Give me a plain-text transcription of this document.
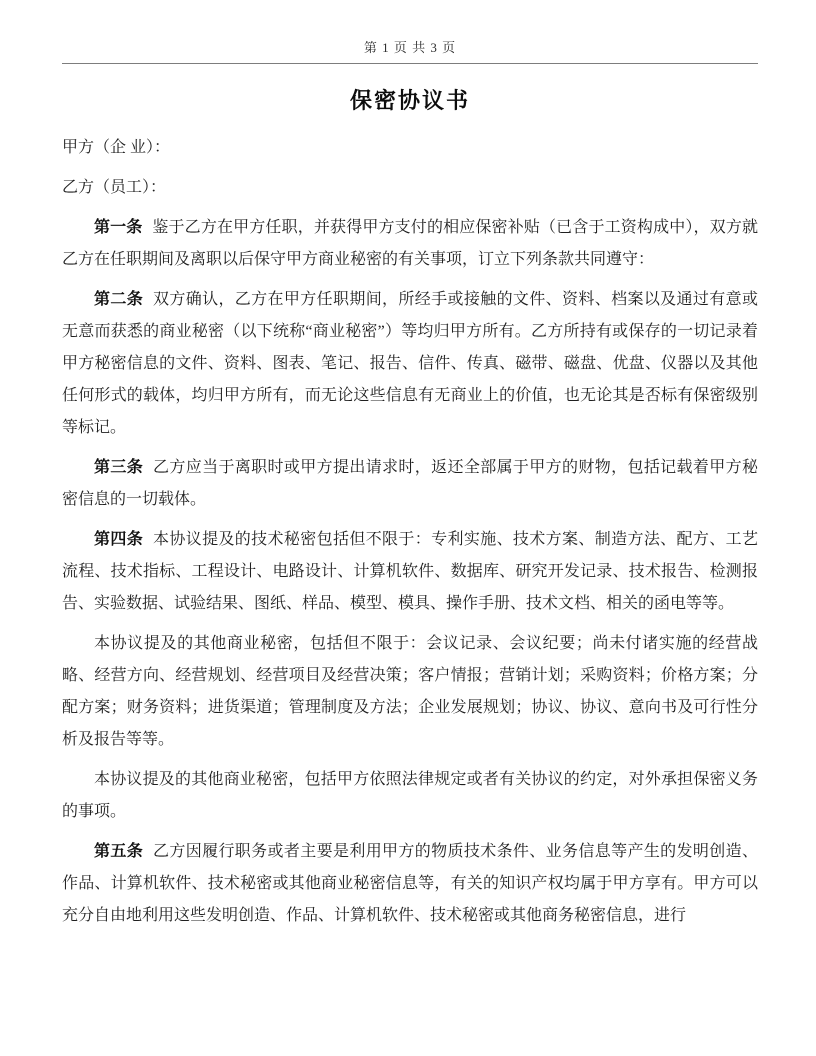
第 1 页 共 3 页
保密协议书

甲方（企 业）：

乙方（员工）：

第一条 鉴于乙方在甲方任职，并获得甲方支付的相应保密补贴（已含于工资构成中），双方就乙方在任职期间及离职以后保守甲方商业秘密的有关事项，订立下列条款共同遵守：

第二条 双方确认，乙方在甲方任职期间，所经手或接触的文件、资料、档案以及通过有意或无意而获悉的商业秘密（以下统称“商业秘密”）等均归甲方所有。乙方所持有或保存的一切记录着甲方秘密信息的文件、资料、图表、笔记、报告、信件、传真、磁带、磁盘、优盘、仪器以及其他任何形式的载体，均归甲方所有，而无论这些信息有无商业上的价值，也无论其是否标有保密级别等标记。

第三条 乙方应当于离职时或甲方提出请求时，返还全部属于甲方的财物，包括记载着甲方秘密信息的一切载体。

第四条 本协议提及的技术秘密包括但不限于：专利实施、技术方案、制造方法、配方、工艺流程、技术指标、工程设计、电路设计、计算机软件、数据库、研究开发记录、技术报告、检测报告、实验数据、试验结果、图纸、样品、模型、模具、操作手册、技术文档、相关的函电等等。

本协议提及的其他商业秘密，包括但不限于：会议记录、会议纪要；尚未付诸实施的经营战略、经营方向、经营规划、经营项目及经营决策；客户情报；营销计划；采购资料；价格方案；分配方案；财务资料；进货渠道；管理制度及方法；企业发展规划；协议、协议、意向书及可行性分析及报告等等。

本协议提及的其他商业秘密，包括甲方依照法律规定或者有关协议的约定，对外承担保密义务的事项。

第五条 乙方因履行职务或者主要是利用甲方的物质技术条件、业务信息等产生的发明创造、作品、计算机软件、技术秘密或其他商业秘密信息等，有关的知识产权均属于甲方享有。甲方可以充分自由地利用这些发明创造、作品、计算机软件、技术秘密或其他商务秘密信息，进行
